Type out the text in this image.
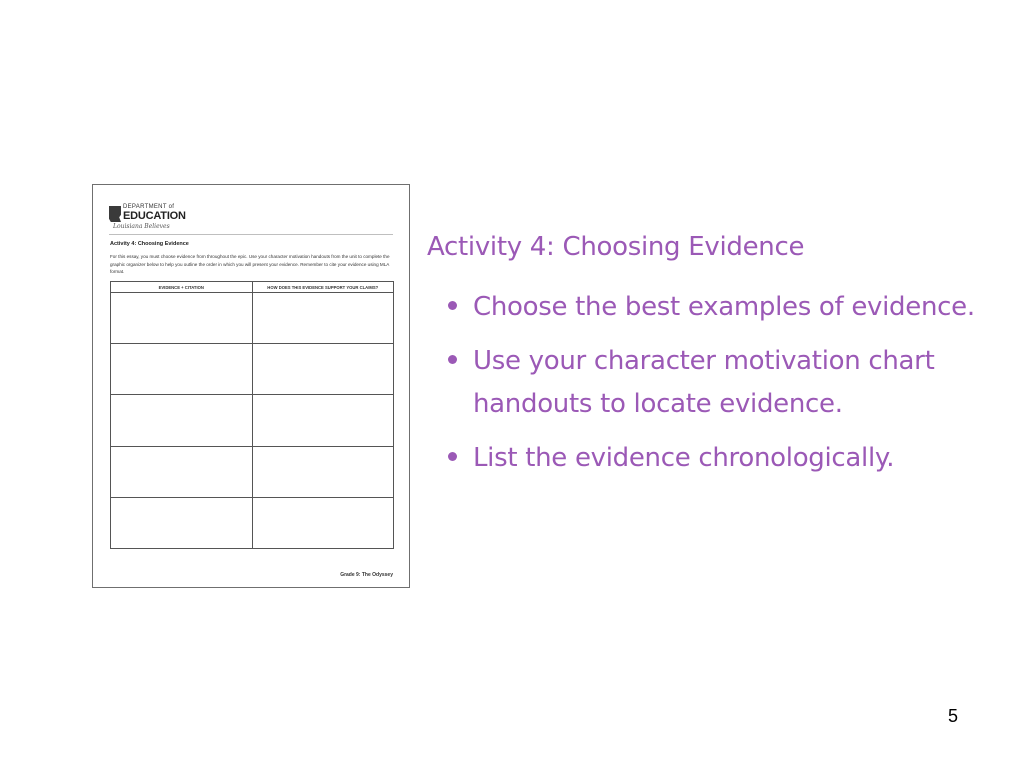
DEPARTMENT of
EDUCATION
Louisiana Believes
Activity 4: Choosing Evidence
For this essay, you must choose evidence from throughout the epic. Use your character motivation handouts from the unit to complete the graphic organizer below to help you outline the order in which you will present your evidence. Remember to cite your evidence using MLA format.
EVIDENCE + CITATION	HOW DOES THIS EVIDENCE SUPPORT YOUR CLAIMS?

Grade 9: The Odyssey
Activity 4: Choosing Evidence
Choose the best examples of evidence.
Use your character motivation chart handouts to locate evidence.
List the evidence chronologically.
5
